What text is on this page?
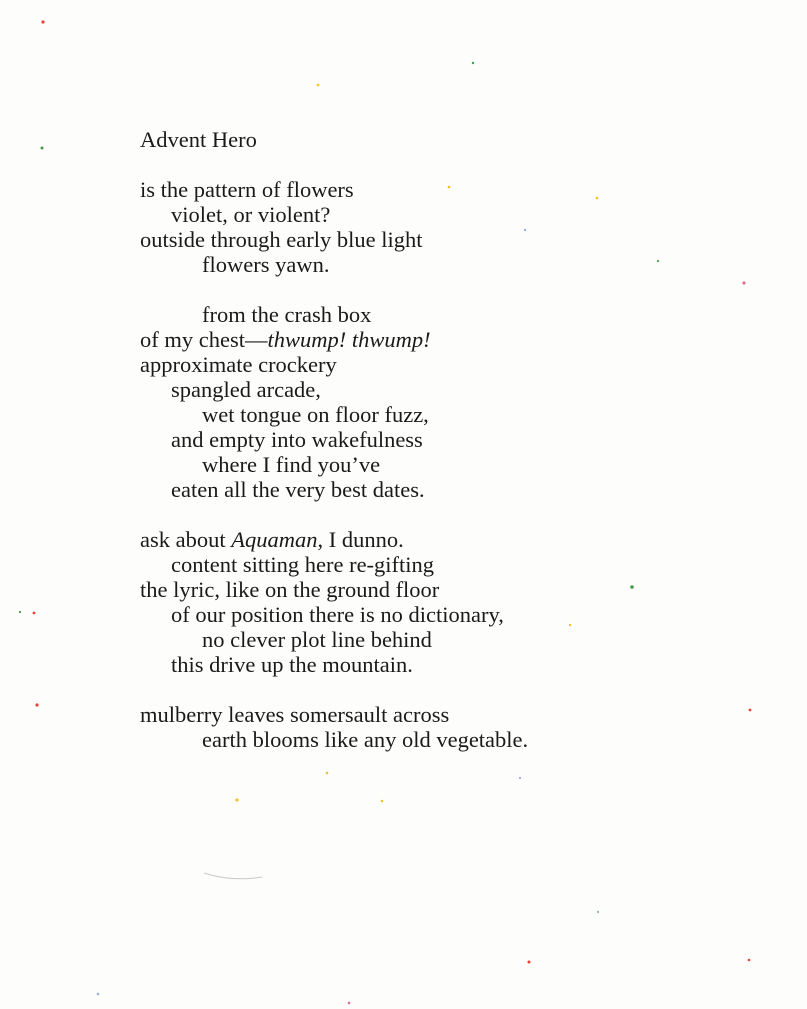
Advent Hero
is the pattern of flowers
violet, or violent?
outside through early blue light
flowers yawn.
from the crash box
of my chest—thwump! thwump!
approximate crockery
spangled arcade,
wet tongue on floor fuzz,
and empty into wakefulness
where I find you’ve
eaten all the very best dates.
ask about Aquaman, I dunno.
content sitting here re-gifting
the lyric, like on the ground floor
of our position there is no dictionary,
no clever plot line behind
this drive up the mountain.
mulberry leaves somersault across
earth blooms like any old vegetable.
